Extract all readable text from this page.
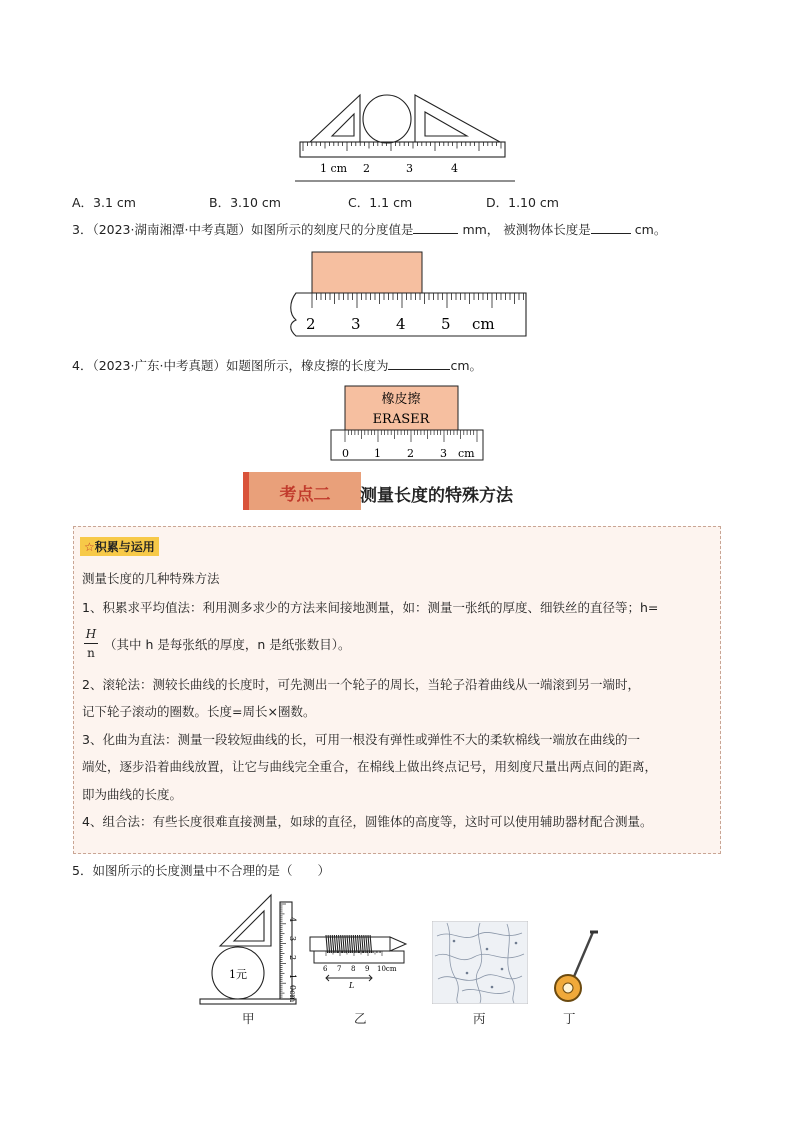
1 cm 2	3	4
A．3.1 cm	B．3.10 cm	C．1.1 cm	D．1.10 cm
3．（2023·湖南湘潭·中考真题）如图所示的刻度尺的分度值是	mm， 被测物体长度是	cm。
2 3 4 5 cm
4．（2023·广东·中考真题）如题图所示，橡皮擦的长度为	cm。
橡皮擦
ERASER
0 1 2 3 cm
考点二	测量长度的特殊方法
☆积累与运用
测量长度的几种特殊方法
1、积累求平均值法：利用测多求少的方法来间接地测量，如：测量一张纸的厚度、细铁丝的直径等；h=
$\frac{H}{n}$ （其中 h 是每张纸的厚度，n 是纸张数目）。
2、滚轮法：测较长曲线的长度时，可先测出一个轮子的周长，当轮子沿着曲线从一端滚到另一端时，
记下轮子滚动的圈数。长度=周长×圈数。
3、化曲为直法：测量一段较短曲线的长，可用一根没有弹性或弹性不大的柔软棉线一端放在曲线的一
端处，逐步沿着曲线放置，让它与曲线完全重合，在棉线上做出终点记号，用刻度尺量出两点间的距离，
即为曲线的长度。
4、组合法：有些长度很难直接测量，如球的直径，圆锥体的高度等，这时可以使用辅助器材配合测量。
5．如图所示的长度测量中不合理的是（　　）
1元
4
3
2
1
0cm
6 7 8 9 10cm
L
甲	乙	丙	丁
